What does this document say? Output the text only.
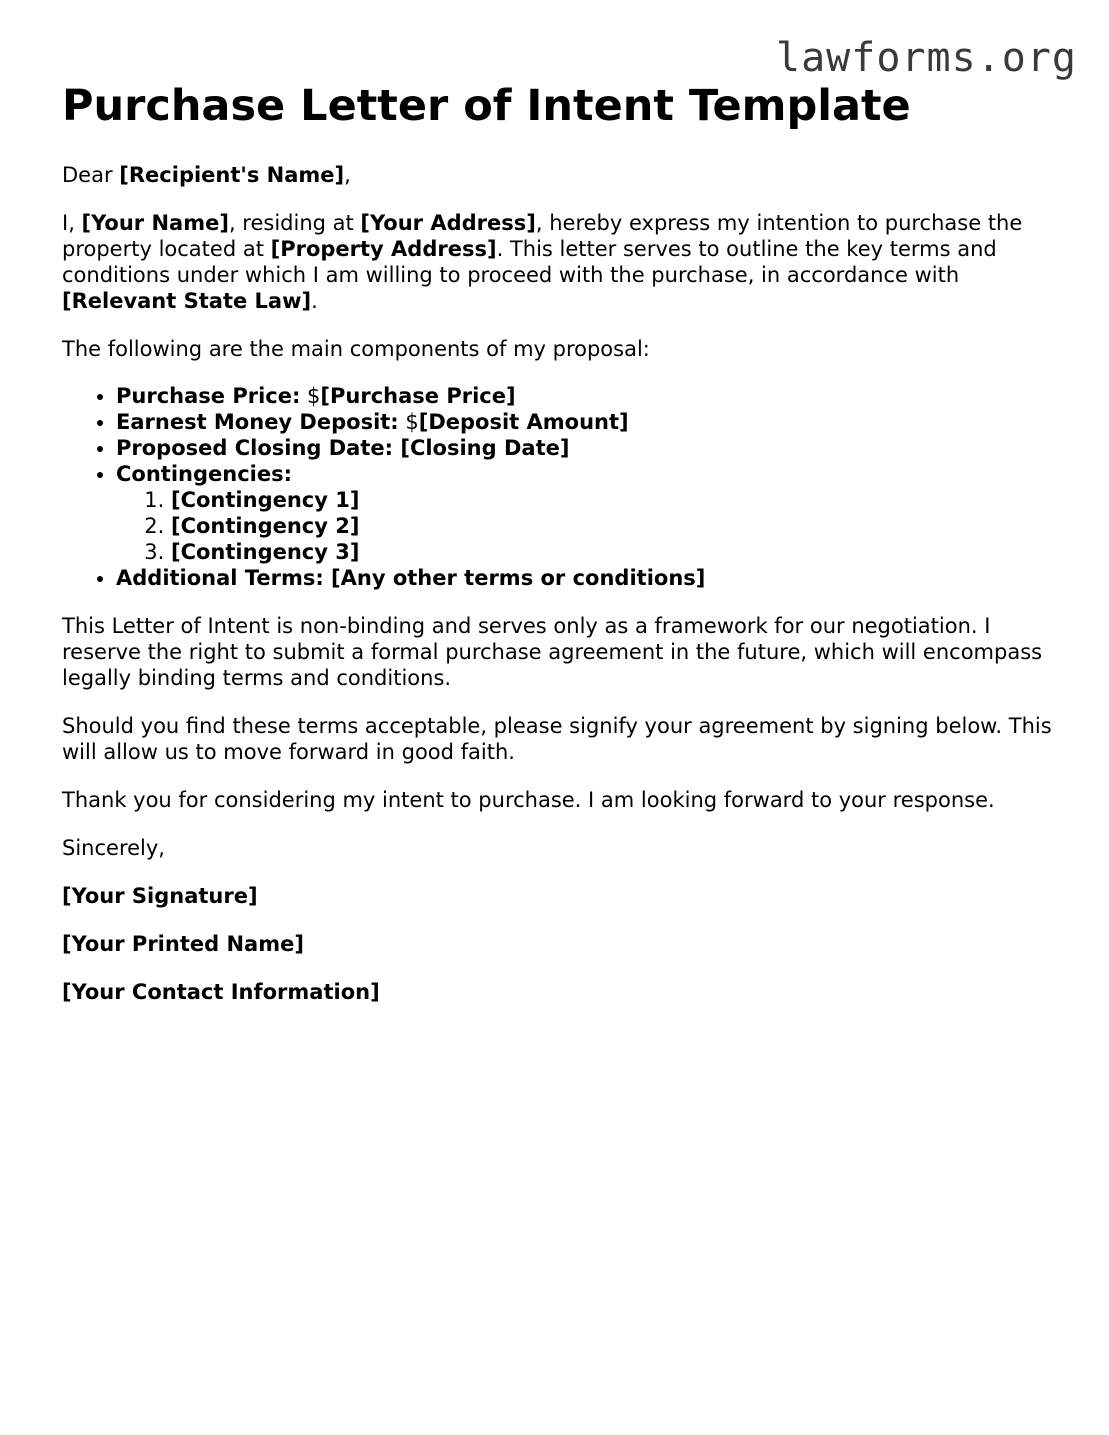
lawforms.org
Purchase Letter of Intent Template

Dear [Recipient's Name],

I, [Your Name], residing at [Your Address], hereby express my intention to purchase the property located at [Property Address]. This letter serves to outline the key terms and conditions under which I am willing to proceed with the purchase, in accordance with [Relevant State Law].

The following are the main components of my proposal:

• Purchase Price: $[Purchase Price]
• Earnest Money Deposit: $[Deposit Amount]
• Proposed Closing Date: [Closing Date]
• Contingencies:
1. [Contingency 1]
2. [Contingency 2]
3. [Contingency 3]
• Additional Terms: [Any other terms or conditions]

This Letter of Intent is non-binding and serves only as a framework for our negotiation. I reserve the right to submit a formal purchase agreement in the future, which will encompass legally binding terms and conditions.

Should you find these terms acceptable, please signify your agreement by signing below. This will allow us to move forward in good faith.

Thank you for considering my intent to purchase. I am looking forward to your response.

Sincerely,

[Your Signature]

[Your Printed Name]

[Your Contact Information]
